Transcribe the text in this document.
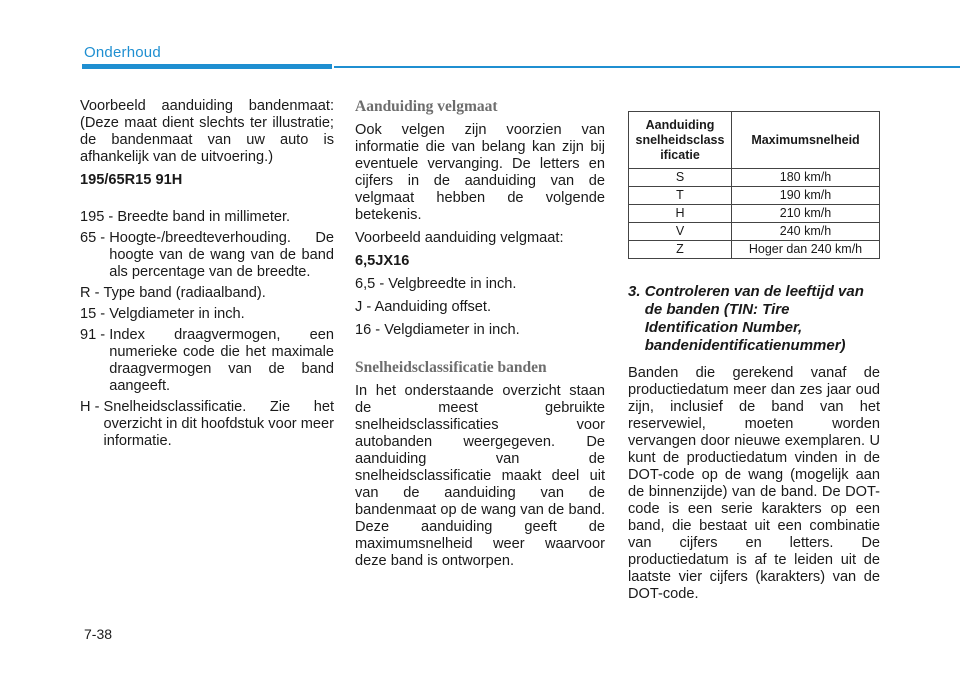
Onderhoud

Voorbeeld aanduiding bandenmaat: (Deze maat dient slechts ter illustratie; de bandenmaat van uw auto is afhankelijk van de uitvoering.)

195/65R15 91H

195 - Breedte band in millimeter.
65 - Hoogte-/breedteverhouding. De hoogte van de wang van de band als percentage van de breedte.
R - Type band (radiaalband).
15 - Velgdiameter in inch.
91 - Index draagvermogen, een numerieke code die het maximale draagvermogen van de band aangeeft.
H - Snelheidsclassificatie. Zie het overzicht in dit hoofdstuk voor meer informatie.
Aanduiding velgmaat

Ook velgen zijn voorzien van informatie die van belang kan zijn bij eventuele vervanging. De letters en cijfers in de aanduiding van de velgmaat hebben de volgende betekenis.

Voorbeeld aanduiding velgmaat:

6,5JX16

6,5 - Velgbreedte in inch.

J - Aanduiding offset.

16 - Velgdiameter in inch.

Snelheidsclassificatie banden

In het onderstaande overzicht staan de meest gebruikte snelheidsclassificaties voor autobanden weergegeven. De aanduiding van de snelheidsclassificatie maakt deel uit van de aanduiding van de bandenmaat op de wang van de band. Deze aanduiding geeft de maximumsnelheid weer waarvoor deze band is ontworpen.

Aanduiding
snelheidsclass
ificatie	Maximumsnelheid
S	180 km/h
T	190 km/h
H	210 km/h
V	240 km/h
Z	Hoger dan 240 km/h
3. Controleren van de leeftijd van de banden (TIN: Tire Identification Number, bandenidentificatienummer)

Banden die gerekend vanaf de productiedatum meer dan zes jaar oud zijn, inclusief de band van het reservewiel, moeten worden vervangen door nieuwe exemplaren. U kunt de productiedatum vinden in de DOT-code op de wang (mogelijk aan de binnenzijde) van de band. De DOT-code is een serie karakters op een band, die bestaat uit een combinatie van cijfers en letters. De productiedatum is af te leiden uit de laatste vier cijfers (karakters) van de DOT-code.

7-38
